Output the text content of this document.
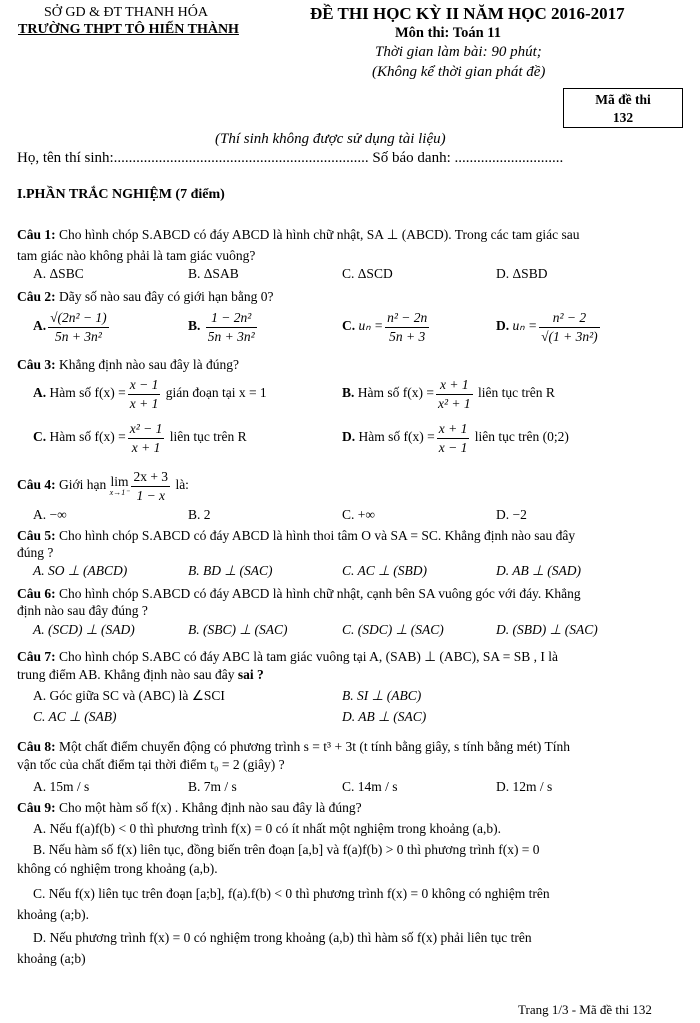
SỞ GD & ĐT THANH HÓA
TRƯỜNG THPT TÔ HIẾN THÀNH
ĐỀ THI HỌC KỲ II NĂM HỌC 2016-2017
Môn thi: Toán 11
Thời gian làm bài: 90 phút;
(Không kể thời gian phát đề)
Mã đề thi
132
(Thí sinh không được sử dụng tài liệu)
Họ, tên thí sinh:.................................................................... Số báo danh: .............................
I.PHẦN TRẮC NGHIỆM (7 điểm)
Câu 1: Cho hình chóp S.ABCD có đáy ABCD là hình chữ nhật, SA ⊥ (ABCD). Trong các tam giác sau
tam giác nào không phải là tam giác vuông?
A. ΔSBC	B. ΔSAB	C. ΔSCD	D. ΔSBD
Câu 2: Dãy số nào sau đây có giới hạn bằng 0?
A. $\frac{\text{√(2n² − 1)}}{\text{5n + 3n²}}$	B. $\frac{\text{1 − 2n²}}{\text{5n + 3n²}}$	C. $u_n = \frac{\text{n² − 2n}}{5n + 3}$	D. $u_n = \frac{\text{n² − 2}}{\text{√(1 + 3n²)}}$
Câu 3: Khẳng định nào sau đây là đúng?
A. Hàm số $f(x) = \frac{x - 1}{x + 1}$ gián đoạn tại x = 1	B. Hàm số $f(x) = \frac{x + 1}{\text{x² + 1}}$ liên tục trên R
C. Hàm số $f(x) = \frac{\text{x² − 1}}{x + 1}$ liên tục trên R	D. Hàm số $f(x) = \frac{x + 1}{x - 1}$ liên tục trên (0;2)
Câu 4: Giới hạn lim
$x\to 1^- \frac{2x + 3}{1 - x}$ là:
A. −∞	B. 2	C. +∞	D. −2
Câu 5: Cho hình chóp S.ABCD có đáy ABCD là hình thoi tâm O và SA = SC. Khẳng định nào sau đây
đúng ?
A. SO ⊥ (ABCD)	B. BD ⊥ (SAC)	C. AC ⊥ (SBD)	D. AB ⊥ (SAD)
Câu 6: Cho hình chóp S.ABCD có đáy ABCD là hình chữ nhật, cạnh bên SA vuông góc với đáy. Khẳng
định nào sau đây đúng ?
A. (SCD) ⊥ (SAD)	B. (SBC) ⊥ (SAC)	C. (SDC) ⊥ (SAC)	D. (SBD) ⊥ (SAC)
Câu 7: Cho hình chóp S.ABC có đáy ABC là tam giác vuông tại A, (SAB) ⊥ (ABC), SA = SB , I là
trung điểm AB. Khẳng định nào sau đây sai ?
A. Góc giữa SC và (ABC) là ∠SCI	B. SI ⊥ (ABC)
C. AC ⊥ (SAB)	D. AB ⊥ (SAC)
Câu 8: Một chất điểm chuyển động có phương trình s = t³ + 3t (t tính bằng giây, s tính bằng mét) Tính
vận tốc của chất điểm tại thời điểm t₀ = 2 (giây) ?
A. 15m / s	B. 7m / s	C. 14m / s	D. 12m / s
Câu 9: Cho một hàm số f(x) . Khẳng định nào sau đây là đúng?
A. Nếu f(a)f(b) < 0 thì phương trình f(x) = 0 có ít nhất một nghiệm trong khoảng (a,b).
B. Nếu hàm số f(x) liên tục, đồng biến trên đoạn [a,b] và f(a)f(b) > 0 thì phương trình f(x) = 0
không có nghiệm trong khoảng (a,b).
C. Nếu f(x) liên tục trên đoạn [a;b], f(a).f(b) < 0 thì phương trình f(x) = 0 không có nghiệm trên
khoảng (a;b).
D. Nếu phương trình f(x) = 0 có nghiệm trong khoảng (a,b) thì hàm số f(x) phải liên tục trên
khoảng (a;b)
Trang 1/3 - Mã đề thi 132
